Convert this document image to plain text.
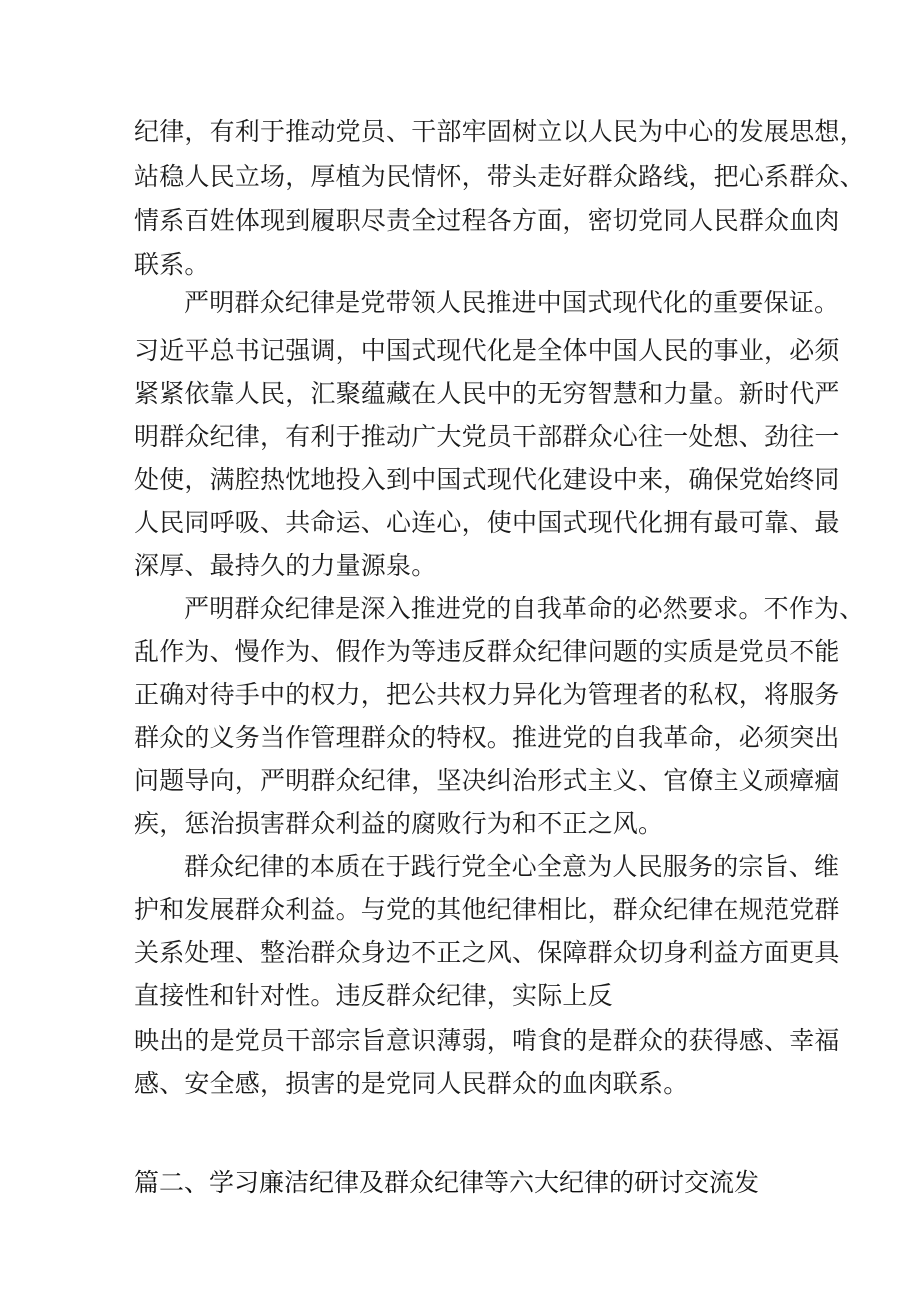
纪律，有利于推动党员、干部牢固树立以人民为中心的发展思想，
站稳人民立场，厚植为民情怀，带头走好群众路线，把心系群众、
情系百姓体现到履职尽责全过程各方面，密切党同人民群众血肉
联系。
严明群众纪律是党带领人民推进中国式现代化的重要保证。
习近平总书记强调，中国式现代化是全体中国人民的事业，必须
紧紧依靠人民，汇聚蕴藏在人民中的无穷智慧和力量。新时代严
明群众纪律，有利于推动广大党员干部群众心往一处想、劲往一
处使，满腔热忱地投入到中国式现代化建设中来，确保党始终同
人民同呼吸、共命运、心连心，使中国式现代化拥有最可靠、最
深厚、最持久的力量源泉。
严明群众纪律是深入推进党的自我革命的必然要求。不作为、
乱作为、慢作为、假作为等违反群众纪律问题的实质是党员不能
正确对待手中的权力，把公共权力异化为管理者的私权，将服务
群众的义务当作管理群众的特权。推进党的自我革命，必须突出
问题导向，严明群众纪律，坚决纠治形式主义、官僚主义顽瘴痼
疾，惩治损害群众利益的腐败行为和不正之风。
群众纪律的本质在于践行党全心全意为人民服务的宗旨、维
护和发展群众利益。与党的其他纪律相比，群众纪律在规范党群
关系处理、整治群众身边不正之风、保障群众切身利益方面更具
直接性和针对性。违反群众纪律，实际上反
映出的是党员干部宗旨意识薄弱，啃食的是群众的获得感、幸福
感、安全感，损害的是党同人民群众的血肉联系。
篇二、学习廉洁纪律及群众纪律等六大纪律的研讨交流发
